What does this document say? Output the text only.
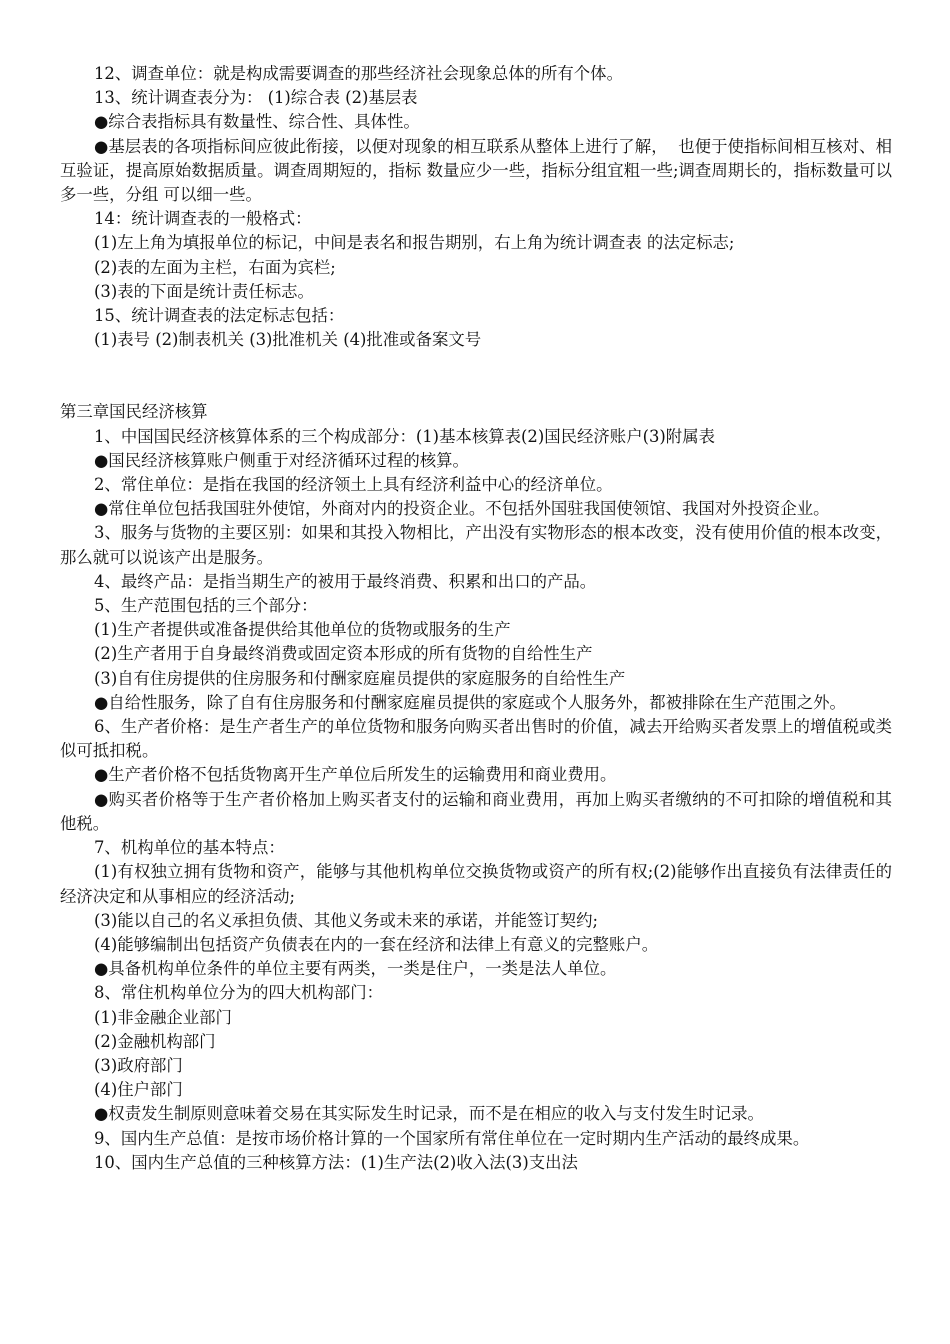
12、调查单位：就是构成需要调查的那些经济社会现象总体的所有个体。

13、统计调查表分为： (1)综合表 (2)基层表

●综合表指标具有数量性、综合性、具体性。

●基层表的各项指标间应彼此衔接，以便对现象的相互联系从整体上进行了解，  也便于使指标间相互核对、相互验证，提高原始数据质量。调查周期短的，指标 数量应少一些，指标分组宜粗一些;调查周期长的，指标数量可以多一些，分组 可以细一些。

14：统计调查表的一般格式：

(1)左上角为填报单位的标记，中间是表名和报告期别，右上角为统计调查表 的法定标志;

(2)表的左面为主栏，右面为宾栏;

(3)表的下面是统计责任标志。

15、统计调查表的法定标志包括：

(1)表号 (2)制表机关 (3)批准机关 (4)批准或备案文号

第三章国民经济核算

1、中国国民经济核算体系的三个构成部分：(1)基本核算表(2)国民经济账户(3)附属表

●国民经济核算账户侧重于对经济循环过程的核算。

2、常住单位：是指在我国的经济领土上具有经济利益中心的经济单位。

●常住单位包括我国驻外使馆，外商对内的投资企业。不包括外国驻我国使领馆、我国对外投资企业。

3、服务与货物的主要区别：如果和其投入物相比，产出没有实物形态的根本改变，没有使用价值的根本改变，那么就可以说该产出是服务。

4、最终产品：是指当期生产的被用于最终消费、积累和出口的产品。

5、生产范围包括的三个部分：

(1)生产者提供或准备提供给其他单位的货物或服务的生产

(2)生产者用于自身最终消费或固定资本形成的所有货物的自给性生产

(3)自有住房提供的住房服务和付酬家庭雇员提供的家庭服务的自给性生产

●自给性服务，除了自有住房服务和付酬家庭雇员提供的家庭或个人服务外，都被排除在生产范围之外。

6、生产者价格：是生产者生产的单位货物和服务向购买者出售时的价值，减去开给购买者发票上的增值税或类似可抵扣税。

●生产者价格不包括货物离开生产单位后所发生的运输费用和商业费用。

●购买者价格等于生产者价格加上购买者支付的运输和商业费用，再加上购买者缴纳的不可扣除的增值税和其他税。

7、机构单位的基本特点：

(1)有权独立拥有货物和资产，能够与其他机构单位交换货物或资产的所有权;(2)能够作出直接负有法律责任的经济决定和从事相应的经济活动;

(3)能以自己的名义承担负债、其他义务或未来的承诺，并能签订契约;

(4)能够编制出包括资产负债表在内的一套在经济和法律上有意义的完整账户。

●具备机构单位条件的单位主要有两类，一类是住户，一类是法人单位。

8、常住机构单位分为的四大机构部门：

(1)非金融企业部门

(2)金融机构部门

(3)政府部门

(4)住户部门

●权责发生制原则意味着交易在其实际发生时记录，而不是在相应的收入与支付发生时记录。

9、国内生产总值：是按市场价格计算的一个国家所有常住单位在一定时期内生产活动的最终成果。

10、国内生产总值的三种核算方法：(1)生产法(2)收入法(3)支出法
